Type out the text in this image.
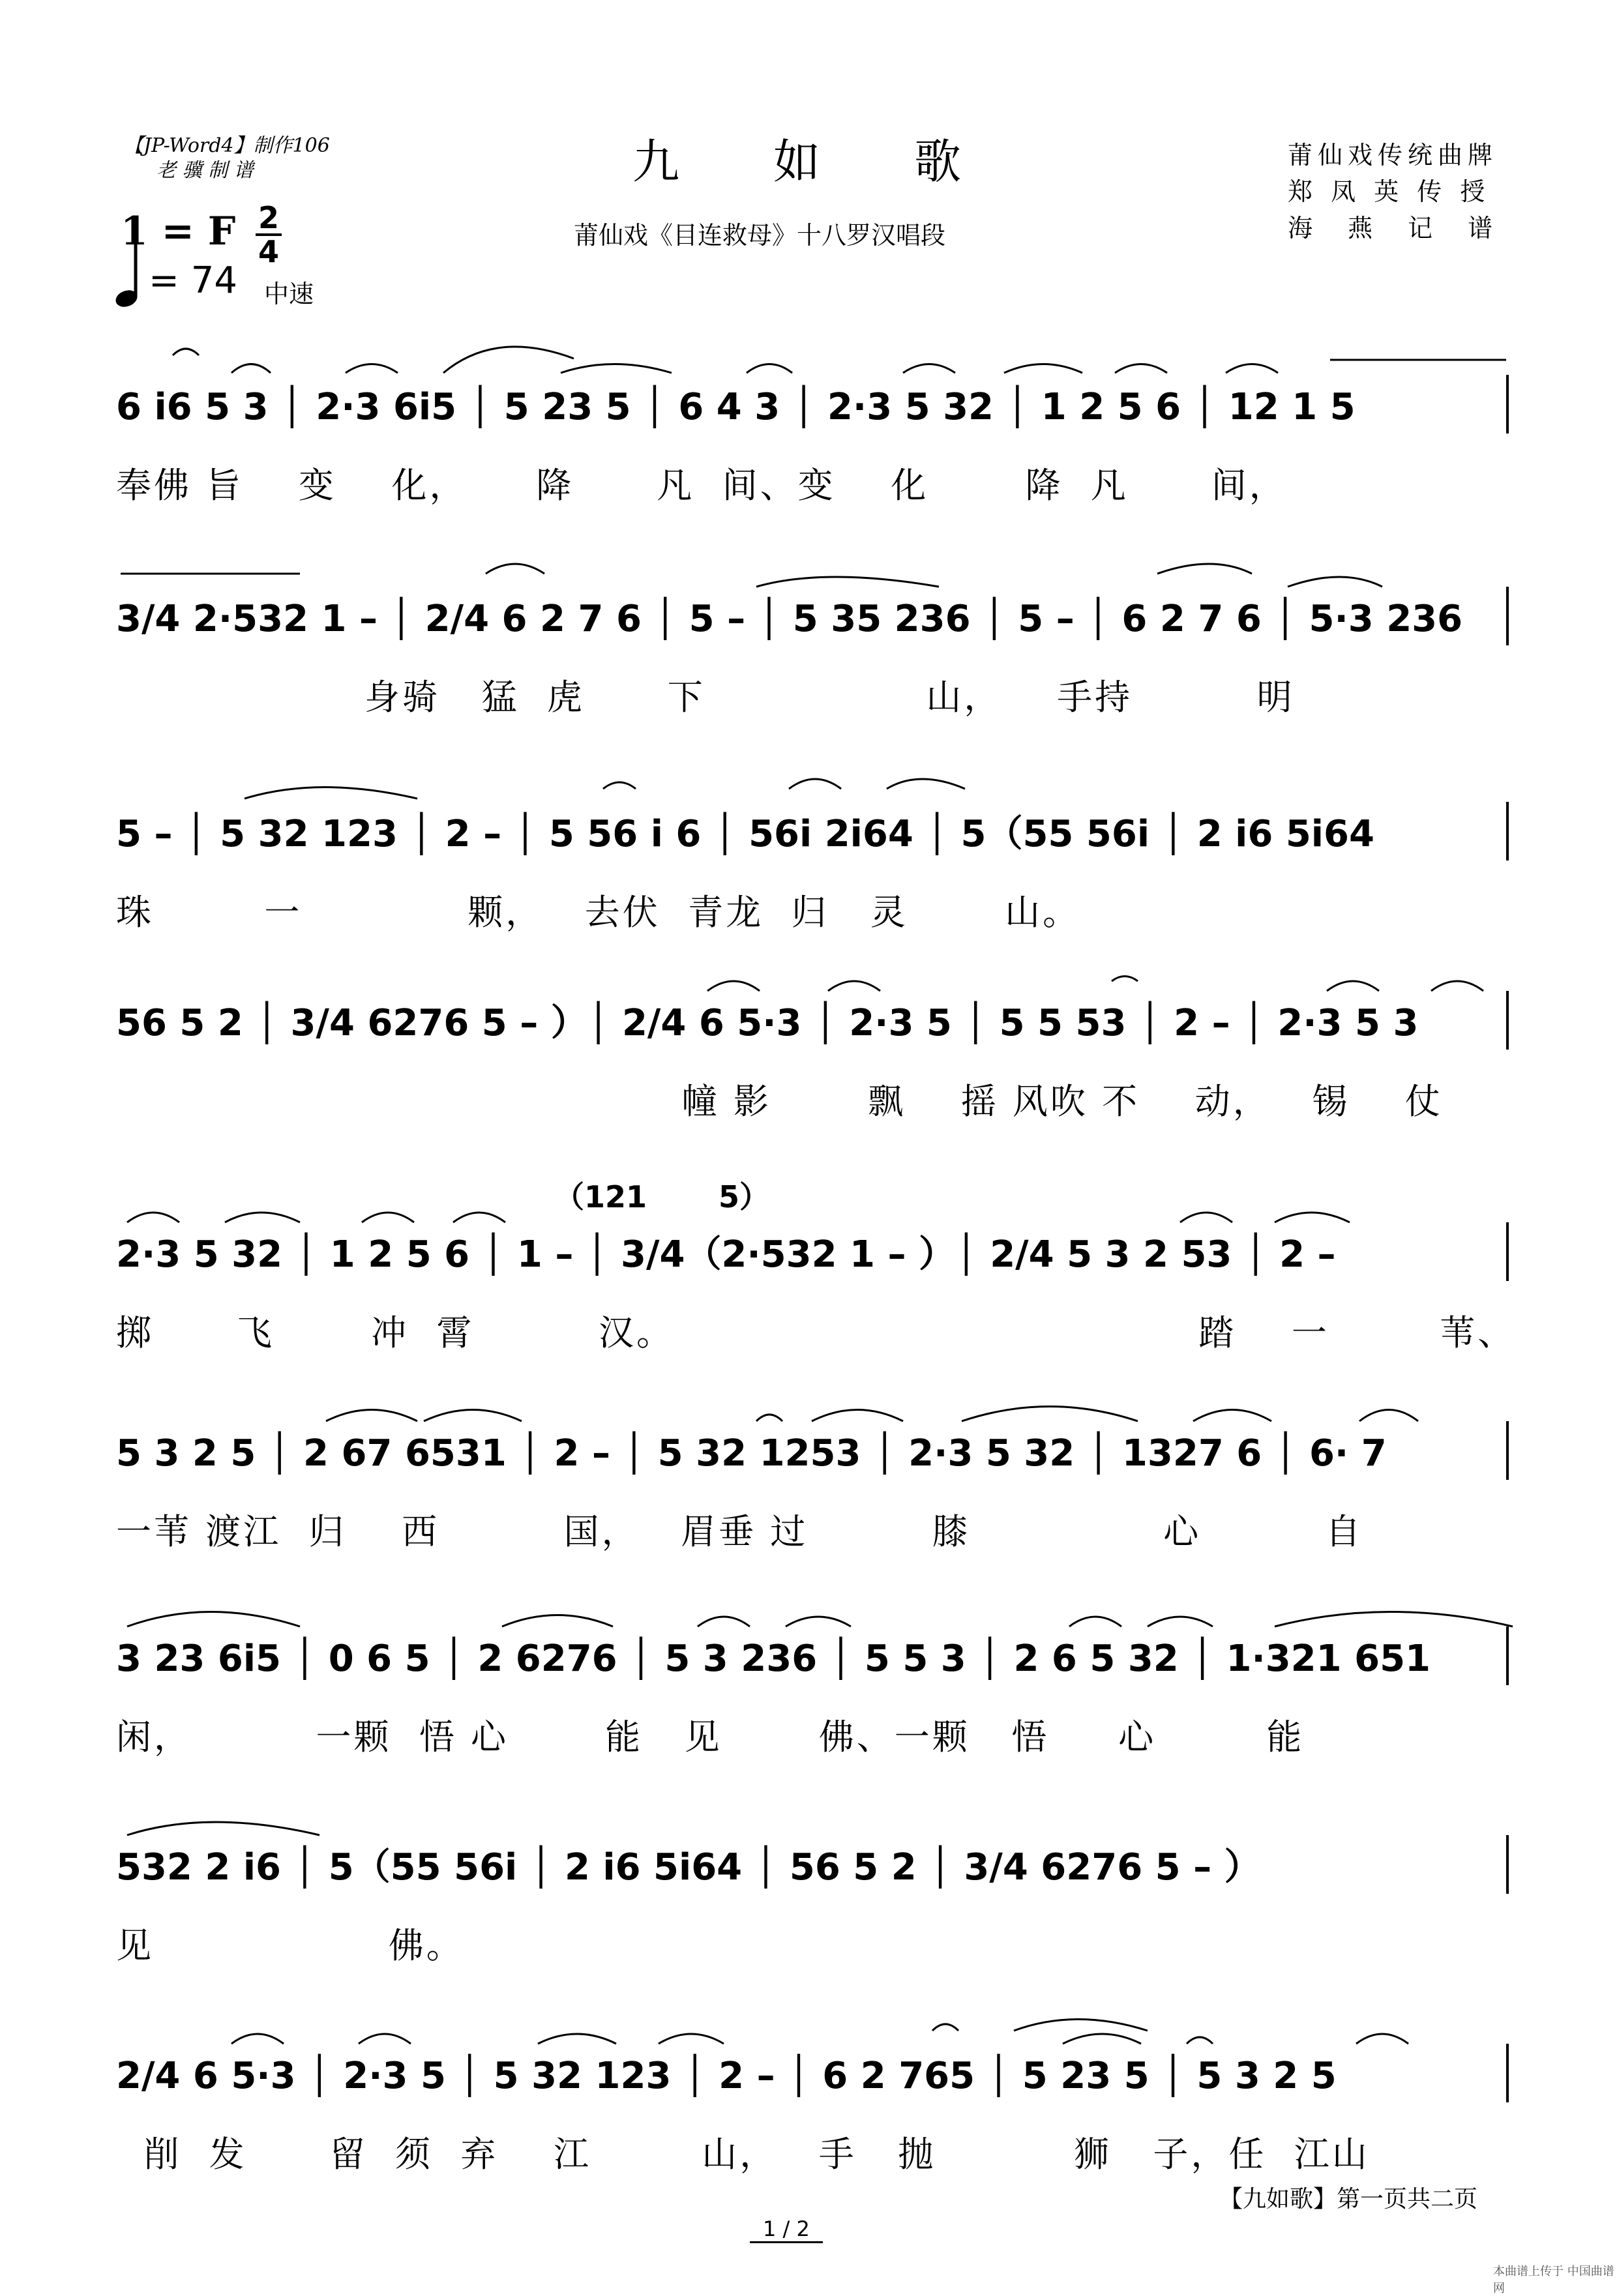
【JP-Word4】制作106
老 骥 制 谱	九　　如　　歌
莆仙戏《目连救母》十八罗汉唱段
莆仙戏传统曲牌
郑 凤 英 传 授
海　燕　记　谱
1 = F 2
4
= 74 中速
6 i6 5 3 │ 2·3 6i5 │ 5 23 5 │ 6 4 3 │ 2·3 5 32 │ 1 2 5 6 │ 12 1 5
奉佛 旨    变    化，     降      凡  间、变    化       降  凡      间，
3/4 2·532 1 – │ 2/4 6 2 7 6 │ 5 – │ 5 35 236 │ 5 – │ 6 2 7 6 │ 5·3 236
身骑   猛  虎      下                山，    手持         明
5 – │ 5 32 123 │ 2 – │ 5 56 i 6 │ 56i 2i64 │ 5（55 56i │ 2 i6 5i64
珠        一            颗，   去伏  青龙  归   灵       山。
56 5 2 │ 3/4 6276 5 – ）│ 2/4 6 5·3 │ 2·3 5 │ 5 5 53 │ 2 – │ 2·3 5 3
幢 影       飘    摇 风吹 不    动，   锡    仗
2·3 5 32 │ 1 2 5 6 │ 1 – │ 3/4（2·532 1 – ）│ 2/4 5 3 2 53 │ 2 –
掷      飞       冲  霄         汉。                                      踏    一        苇、
5 3 2 5 │ 2 67 6531 │ 2 – │ 5 32 1253 │ 2·3 5 32 │ 1327 6 │ 6· 7
一苇 渡江  归    西         国，   眉垂 过         膝              心         自
3 23 6i5 │ 0 6 5 │ 2 6276 │ 5 3 236 │ 5 5 3 │ 2 6 5 32 │ 1·321 651
闲，         一颗  悟 心       能   见       佛、一颗   悟     心        能
532 2 i6 │ 5（55 56i │ 2 i6 5i64 │ 56 5 2 │ 3/4 6276 5 – ）
见                 佛。
2/4 6 5·3 │ 2·3 5 │ 5 32 123 │ 2 – │ 6 2 765 │ 5 23 5 │ 5 3 2 5
削  发      留  须  弃    江        山，   手   抛          狮   子，任  江山
（121 5）
【九如歌】第一页共二页
1 / 2
本曲谱上传于 中国曲谱网
